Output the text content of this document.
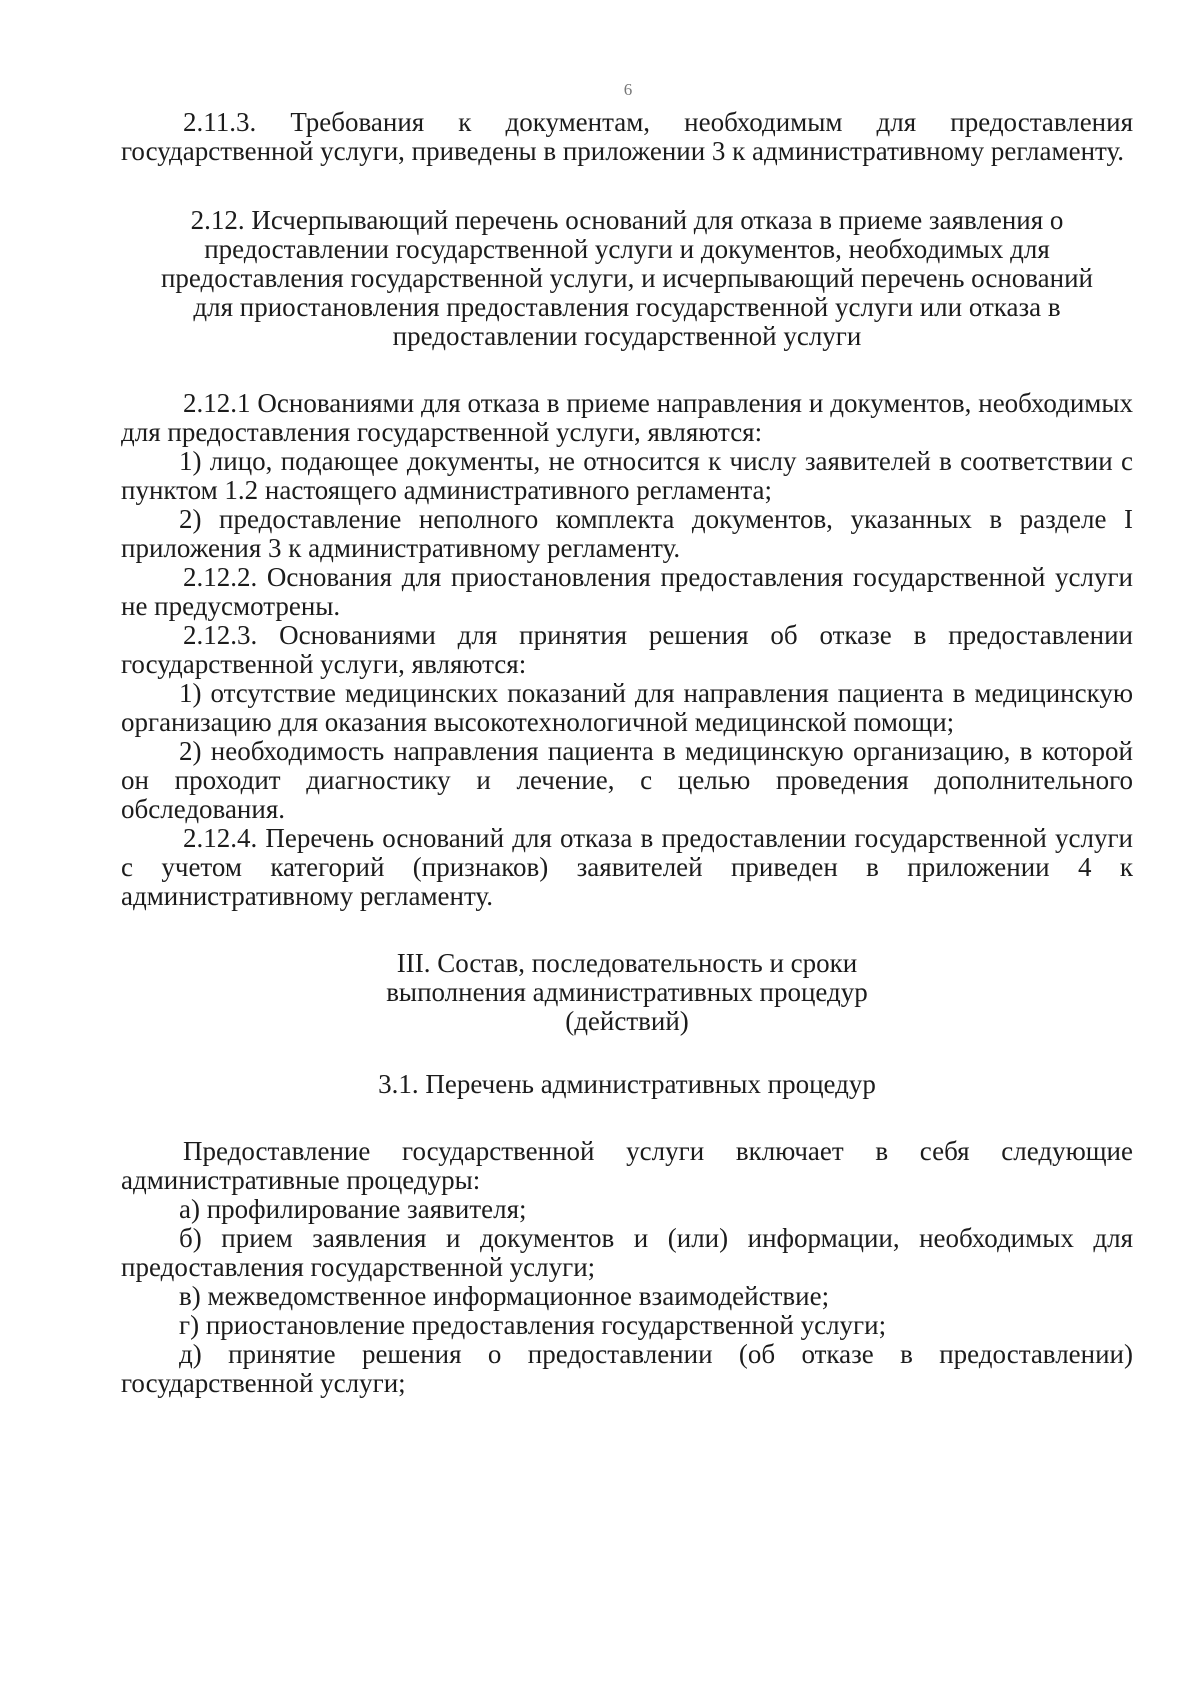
6

2.11.3. Требования к документам, необходимым для предоставления государственной услуги, приведены в приложении 3 к административному регламенту.

2.12. Исчерпывающий перечень оснований для отказа в приеме заявления о предоставлении государственной услуги и документов, необходимых для предоставления государственной услуги, и исчерпывающий перечень оснований для приостановления предоставления государственной услуги или отказа в предоставлении государственной услуги

2.12.1 Основаниями для отказа в приеме направления и документов, необходимых для предоставления государственной услуги, являются:

1) лицо, подающее документы, не относится к числу заявителей в соответствии с пунктом 1.2 настоящего административного регламента;

2) предоставление неполного комплекта документов, указанных в разделе I приложения 3 к административному регламенту.

2.12.2. Основания для приостановления предоставления государственной услуги не предусмотрены.

2.12.3. Основаниями для принятия решения об отказе в предоставлении государственной услуги, являются:

1) отсутствие медицинских показаний для направления пациента в медицинскую организацию для оказания высокотехнологичной медицинской помощи;

2) необходимость направления пациента в медицинскую организацию, в которой он проходит диагностику и лечение, с целью проведения дополнительного обследования.

2.12.4. Перечень оснований для отказа в предоставлении государственной услуги с учетом категорий (признаков) заявителей приведен в приложении 4 к административному регламенту.

III. Состав, последовательность и сроки

выполнения административных процедур

(действий)

3.1. Перечень административных процедур

Предоставление государственной услуги включает в себя следующие административные процедуры:

а) профилирование заявителя;

б) прием заявления и документов и (или) информации, необходимых для предоставления государственной услуги;

в) межведомственное информационное взаимодействие;

г) приостановление предоставления государственной услуги;

д) принятие решения о предоставлении (об отказе в предоставлении) государственной услуги;
